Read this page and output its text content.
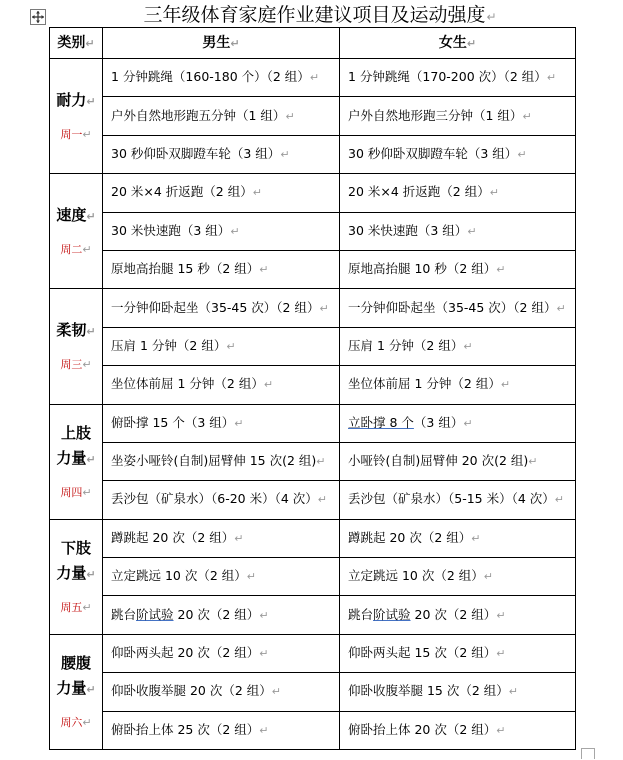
三年级体育家庭作业建议项目及运动强度↵
类别↵	男生↵	女生↵

耐力↵
周一↵	1 分钟跳绳（160-180 个）（2 组）↵	1 分钟跳绳（170-200 次）（2 组）↵
	户外自然地形跑五分钟（1 组）↵	户外自然地形跑三分钟（1 组）↵
	30 秒仰卧双脚蹬车轮（3 组）↵	30 秒仰卧双脚蹬车轮（3 组）↵

速度↵
周二↵	20 米×4 折返跑（2 组）↵	20 米×4 折返跑（2 组）↵
	30 米快速跑（3 组）↵	30 米快速跑（3 组）↵
	原地高抬腿 15 秒（2 组）↵	原地高抬腿 10 秒（2 组）↵

柔韧↵
周三↵	一分钟仰卧起坐（35-45 次）（2 组）↵	一分钟仰卧起坐（35-45 次）（2 组）↵
	压肩 1 分钟（2 组）↵	压肩 1 分钟（2 组）↵
	坐位体前屈 1 分钟（2 组）↵	坐位体前屈 1 分钟（2 组）↵

上肢
力量↵
周四↵	俯卧撑 15 个（3 组）↵	立卧撑 8 个（3 组）↵
	坐姿小哑铃(自制)屈臂伸 15 次(2 组)↵	小哑铃(自制)屈臂伸 20 次(2 组)↵
	丢沙包（矿泉水）（6-20 米）（4 次）↵	丢沙包（矿泉水）（5-15 米）（4 次）↵

下肢
力量↵
周五↵	蹲跳起 20 次（2 组）↵	蹲跳起 20 次（2 组）↵
	立定跳远 10 次（2 组）↵	立定跳远 10 次（2 组）↵
	跳台阶试验 20 次（2 组）↵	跳台阶试验 20 次（2 组）↵

腰腹
力量↵
周六↵	仰卧两头起 20 次（2 组）↵	仰卧两头起 15 次（2 组）↵
	仰卧收腹举腿 20 次（2 组）↵	仰卧收腹举腿 15 次（2 组）↵
	俯卧抬上体 25 次（2 组）↵	俯卧抬上体 20 次（2 组）↵
